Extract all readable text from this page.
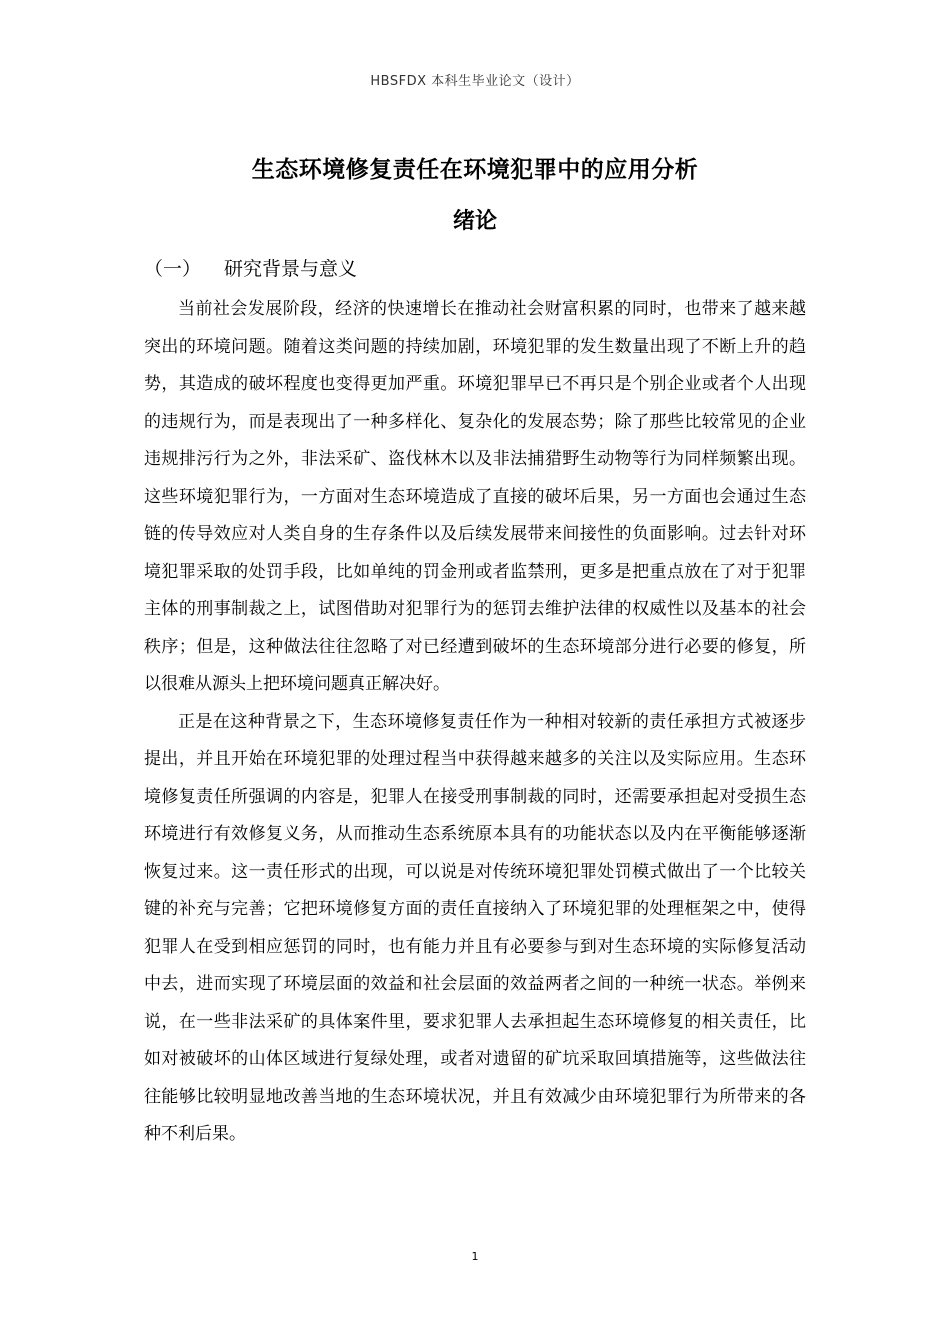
HBSFDX 本科生毕业论文（设计）
生态环境修复责任在环境犯罪中的应用分析
绪论
（一） 研究背景与意义

当前社会发展阶段，经济的快速增长在推动社会财富积累的同时，也带来了越来越突出的环境问题。随着这类问题的持续加剧，环境犯罪的发生数量出现了不断上升的趋势，其造成的破坏程度也变得更加严重。环境犯罪早已不再只是个别企业或者个人出现的违规行为，而是表现出了一种多样化、复杂化的发展态势；除了那些比较常见的企业违规排污行为之外，非法采矿、盗伐林木以及非法捕猎野生动物等行为同样频繁出现。这些环境犯罪行为，一方面对生态环境造成了直接的破坏后果，另一方面也会通过生态链的传导效应对人类自身的生存条件以及后续发展带来间接性的负面影响。过去针对环境犯罪采取的处罚手段，比如单纯的罚金刑或者监禁刑，更多是把重点放在了对于犯罪主体的刑事制裁之上，试图借助对犯罪行为的惩罚去维护法律的权威性以及基本的社会秩序；但是，这种做法往往忽略了对已经遭到破坏的生态环境部分进行必要的修复，所以很难从源头上把环境问题真正解决好。

正是在这种背景之下，生态环境修复责任作为一种相对较新的责任承担方式被逐步提出，并且开始在环境犯罪的处理过程当中获得越来越多的关注以及实际应用。生态环境修复责任所强调的内容是，犯罪人在接受刑事制裁的同时，还需要承担起对受损生态环境进行有效修复义务，从而推动生态系统原本具有的功能状态以及内在平衡能够逐渐恢复过来。这一责任形式的出现，可以说是对传统环境犯罪处罚模式做出了一个比较关键的补充与完善；它把环境修复方面的责任直接纳入了环境犯罪的处理框架之中，使得犯罪人在受到相应惩罚的同时，也有能力并且有必要参与到对生态环境的实际修复活动中去，进而实现了环境层面的效益和社会层面的效益两者之间的一种统一状态。举例来说，在一些非法采矿的具体案件里，要求犯罪人去承担起生态环境修复的相关责任，比如对被破坏的山体区域进行复绿处理，或者对遗留的矿坑采取回填措施等，这些做法往往能够比较明显地改善当地的生态环境状况，并且有效减少由环境犯罪行为所带来的各种不利后果。

1
